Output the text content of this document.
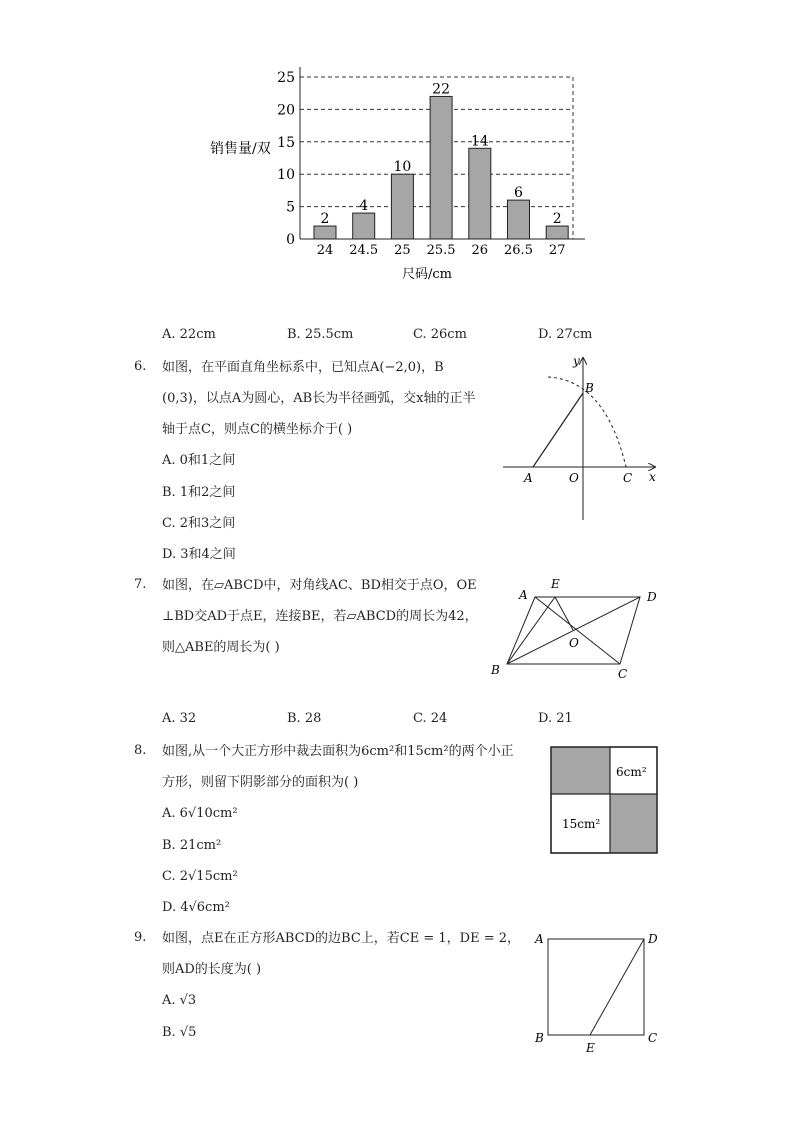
0
5
10
15
20
25
2
24
4
24.5
10
25
22
25.5
14
26
6
26.5
2
27
销售量/双
尺码/cm
A. 22cm	B. 25.5cm	C. 26cm	D. 27cm
6. 如图，在平面直角坐标系中，已知点A(−2,0)，B
(0,3)，以点A为圆心，AB长为半径画弧，交x轴的正半
轴于点C，则点C的横坐标介于( )
A. 0和1之间
B. 1和2之间
C. 2和3之间
D. 3和4之间
y
x
A	O
B
C
7. 如图，在▱ABCD中，对角线AC、BD相交于点O，OE
⊥BD交AD于点E，连接BE，若▱ABCD的周长为42，
则△ABE的周长为( )
A
E
D
O
B	C
A. 32	B. 28	C. 24	D. 21
8. 如图,从一个大正方形中裁去面积为6cm²和15cm²的两个小正
方形，则留下阴影部分的面积为( )
A. 6√10cm²
B. 21cm²
C. 2√15cm²
D. 4√6cm²
6cm²
15cm²
9. 如图，点E在正方形ABCD的边BC上，若CE = 1，DE = 2，
则AD的长度为( )
A. √3
B. √5
A	D
B	C
E
